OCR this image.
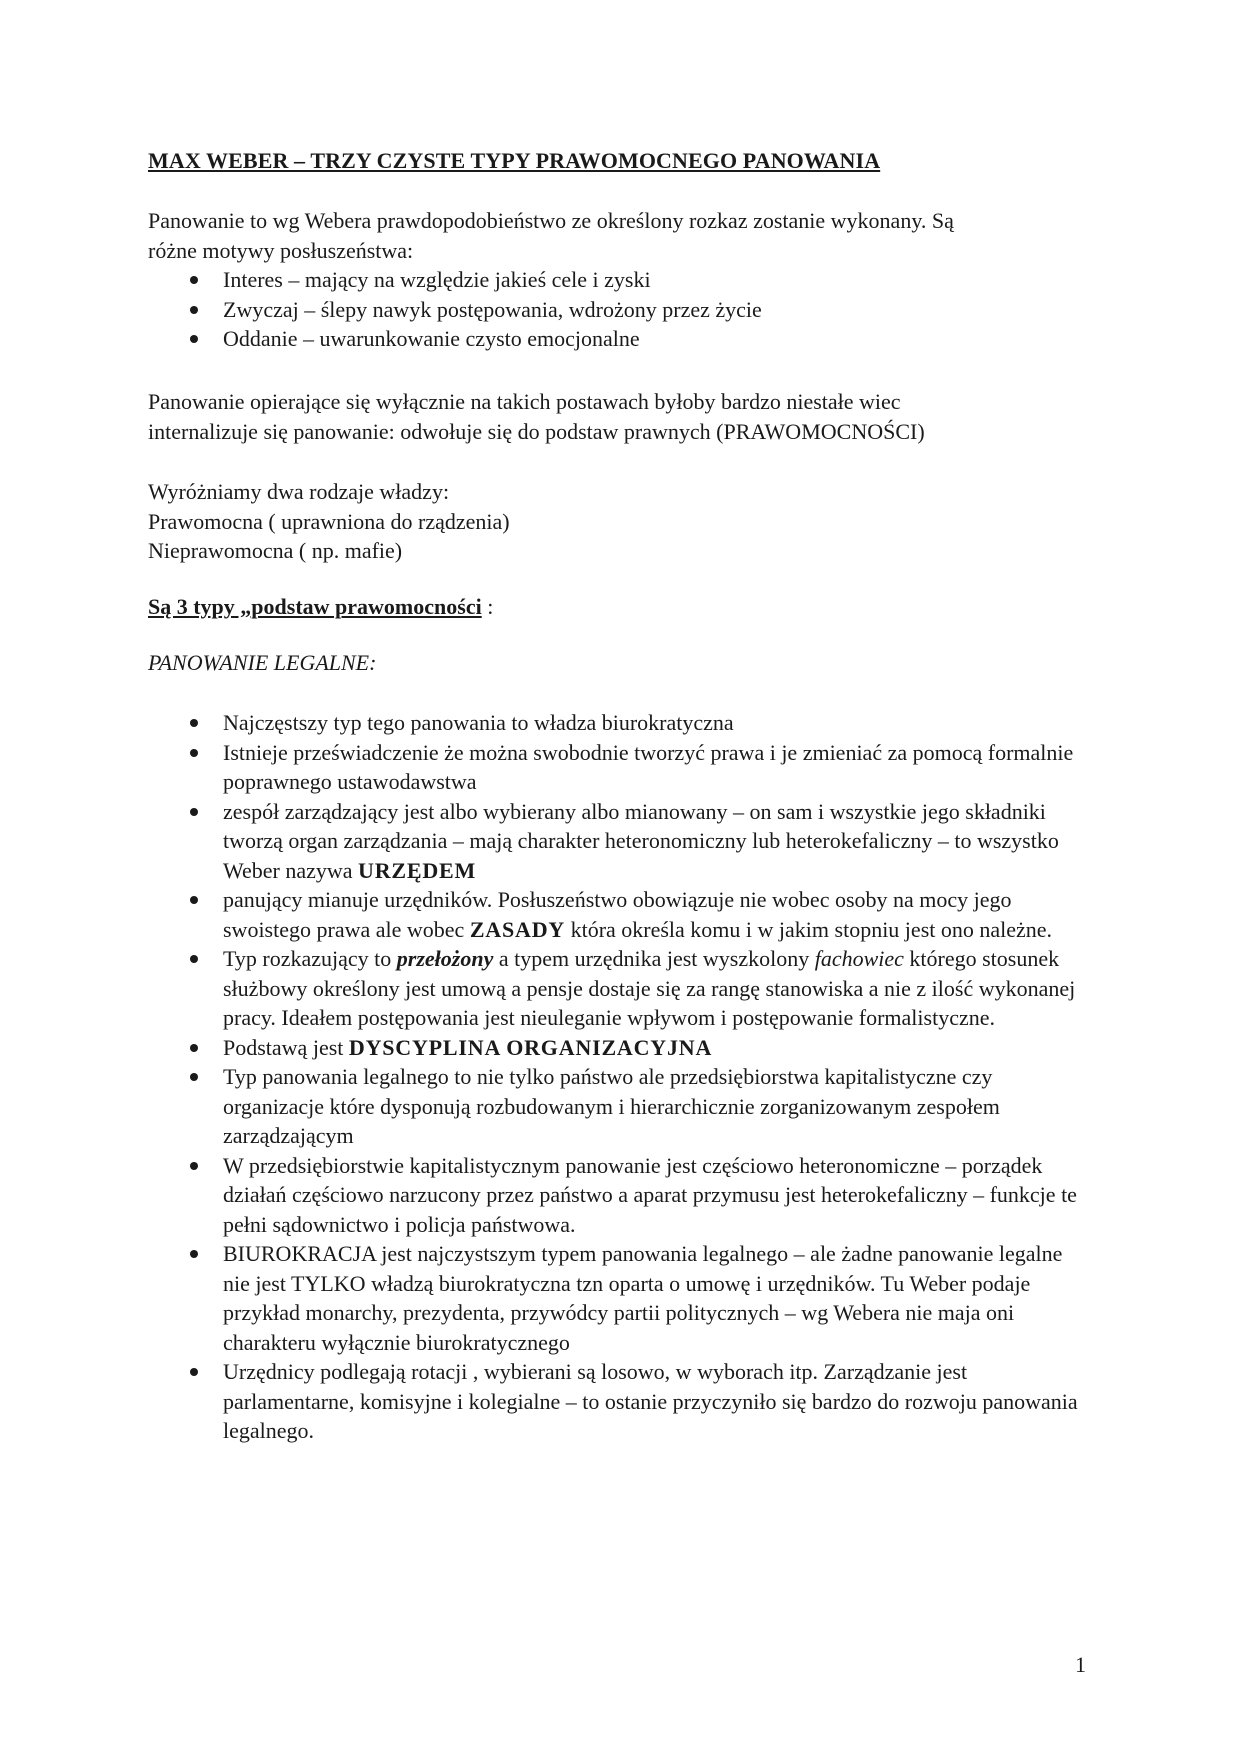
MAX WEBER – TRZY CZYSTE TYPY PRAWOMOCNEGO PANOWANIA

Panowanie to wg Webera prawdopodobieństwo ze określony rozkaz zostanie wykonany. Są

różne motywy posłuszeństwa:

Interes – mający na względzie jakieś cele i zyski
Zwyczaj – ślepy nawyk postępowania, wdrożony przez życie
Oddanie – uwarunkowanie czysto emocjonalne

Panowanie opierające się wyłącznie na takich postawach byłoby bardzo niestałe wiec

internalizuje się panowanie: odwołuje się do podstaw prawnych (PRAWOMOCNOŚCI)

Wyróżniamy dwa rodzaje władzy:

Prawomocna ( uprawniona do rządzenia)

Nieprawomocna ( np. mafie)

Są 3 typy „podstaw prawomocności :

PANOWANIE LEGALNE:

Najczęstszy typ tego panowania to władza biurokratyczna
Istnieje przeświadczenie że można swobodnie tworzyć prawa i je zmieniać za pomocą formalnie poprawnego ustawodawstwa
zespół zarządzający jest albo wybierany albo mianowany – on sam i wszystkie jego składniki tworzą organ zarządzania – mają charakter heteronomiczny lub heterokefaliczny – to wszystko Weber nazywa URZĘDEM
panujący mianuje urzędników. Posłuszeństwo obowiązuje nie wobec osoby na mocy jego swoistego prawa ale wobec ZASADY która określa komu i w jakim stopniu jest ono należne.
Typ rozkazujący to przełożony a typem urzędnika jest wyszkolony fachowiec którego stosunek służbowy określony jest umową a pensje dostaje się za rangę stanowiska a nie z ilość wykonanej pracy. Ideałem postępowania jest nieuleganie wpływom i postępowanie formalistyczne.
Podstawą jest DYSCYPLINA ORGANIZACYJNA
Typ panowania legalnego to nie tylko państwo ale przedsiębiorstwa kapitalistyczne czy organizacje które dysponują rozbudowanym i hierarchicznie zorganizowanym zespołem zarządzającym
W przedsiębiorstwie kapitalistycznym panowanie jest częściowo heteronomiczne – porządek działań częściowo narzucony przez państwo a aparat przymusu jest heterokefaliczny – funkcje te pełni sądownictwo i policja państwowa.
BIUROKRACJA jest najczystszym typem panowania legalnego – ale żadne panowanie legalne nie jest TYLKO władzą biurokratyczna tzn oparta o umowę i urzędników. Tu Weber podaje przykład monarchy, prezydenta, przywódcy partii politycznych – wg Webera nie maja oni charakteru wyłącznie biurokratycznego
Urzędnicy podlegają rotacji , wybierani są losowo, w wyborach itp. Zarządzanie jest parlamentarne, komisyjne i kolegialne – to ostanie przyczyniło się bardzo do rozwoju panowania legalnego.
1
